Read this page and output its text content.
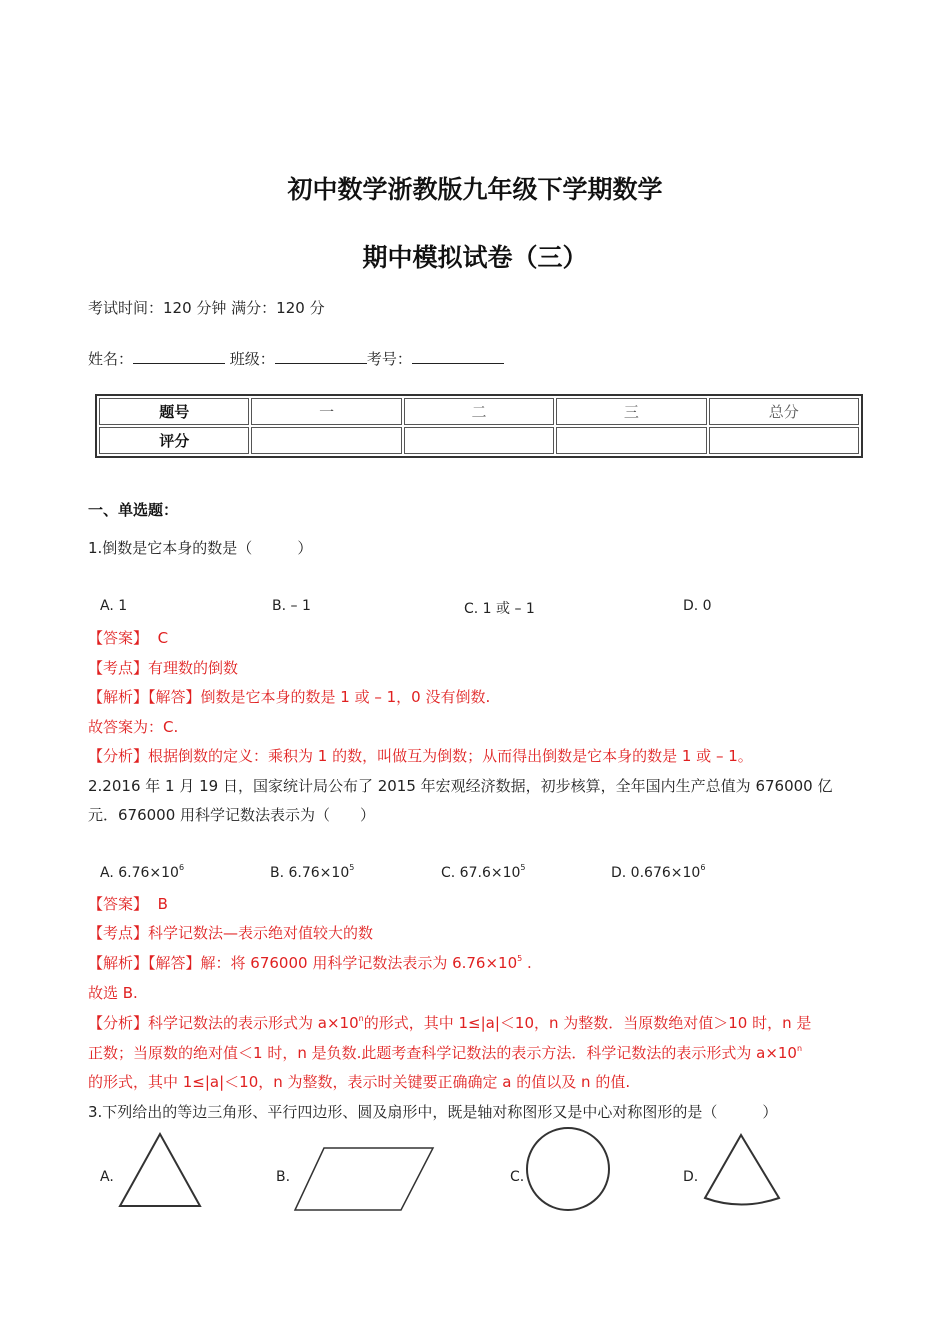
初中数学浙教版九年级下学期数学
期中模拟试卷（三）
考试时间：120 分钟 满分：120 分
姓名：	班级：	考号：
题号	一	二	三	总分
评分				
一、单选题：
1.倒数是它本身的数是（　　　）
A. 1	B. – 1	C. 1 或 – 1	D. 0
【答案】 C
【考点】有理数的倒数
【解析】【解答】倒数是它本身的数是 1 或 – 1，0 没有倒数.
故答案为：C.
【分析】根据倒数的定义：乘积为 1 的数，叫做互为倒数；从而得出倒数是它本身的数是 1 或 – 1。
2.2016 年 1 月 19 日，国家统计局公布了 2015 年宏观经济数据，初步核算，全年国内生产总值为 676000 亿
元．676000 用科学记数法表示为（　　）
A. $6.76\times 10^6$	B. $6.76\times 10^5$	C. $67.6\times 10^5$	D. $0.676\times 10^6$
【答案】 B
【考点】科学记数法—表示绝对值较大的数
【解析】【解答】解：将 676000 用科学记数法表示为 $6.76\times 10^5$ .
故选 B.
【分析】科学记数法的表示形式为 $a\times 10^n$的形式，其中 1≤|a|＜10，n 为整数．当原数绝对值＞10 时，n 是
正数；当原数的绝对值＜1 时，n 是负数.此题考查科学记数法的表示方法．科学记数法的表示形式为 $a\times 10^n$
的形式，其中 1≤|a|＜10，n 为整数，表示时关键要正确确定 a 的值以及 n 的值.
3.下列给出的等边三角形、平行四边形、圆及扇形中，既是轴对称图形又是中心对称图形的是（　　　）
A.	B.	C.	D.
